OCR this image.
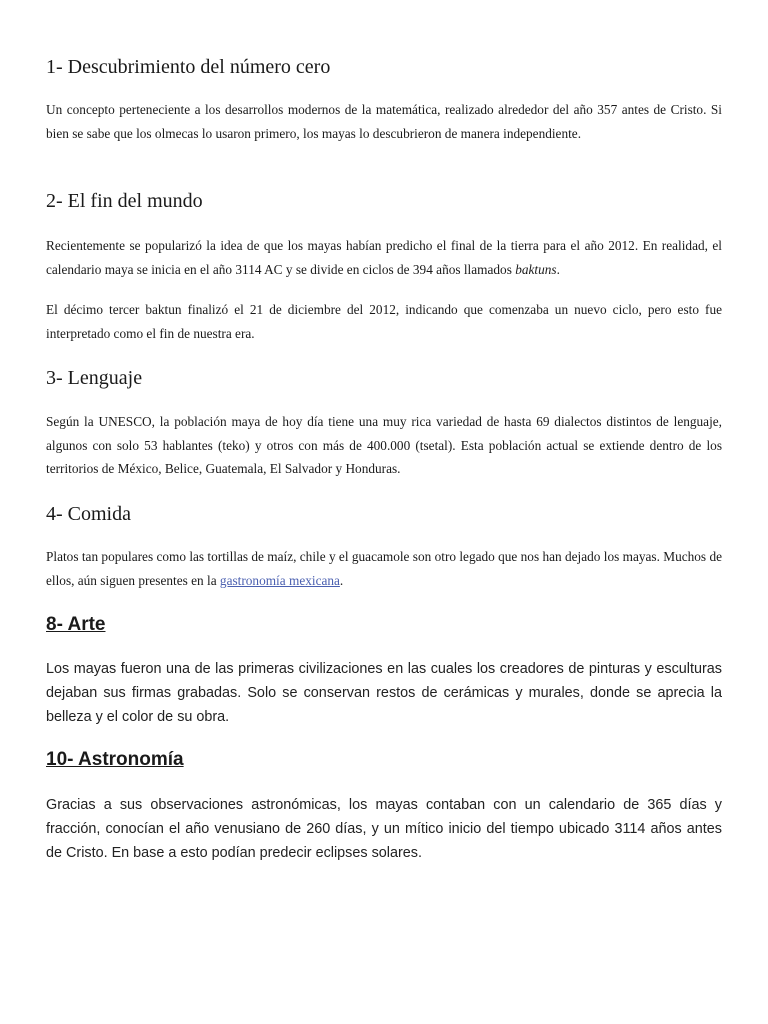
1- Descubrimiento del número cero

Un concepto perteneciente a los desarrollos modernos de la matemática, realizado alrededor del año 357 antes de Cristo. Si bien se sabe que los olmecas lo usaron primero, los mayas lo descubrieron de manera independiente.

2- El fin del mundo

Recientemente se popularizó la idea de que los mayas habían predicho el final de la tierra para el año 2012. En realidad, el calendario maya se inicia en el año 3114 AC y se divide en ciclos de 394 años llamados baktuns.

El décimo tercer baktun finalizó el 21 de diciembre del 2012, indicando que comenzaba un nuevo ciclo, pero esto fue interpretado como el fin de nuestra era.

3- Lenguaje

Según la UNESCO, la población maya de hoy día tiene una muy rica variedad de hasta 69 dialectos distintos de lenguaje, algunos con solo 53 hablantes (teko) y otros con más de 400.000 (tsetal). Esta población actual se extiende dentro de los territorios de México, Belice, Guatemala, El Salvador y Honduras.

4- Comida

Platos tan populares como las tortillas de maíz, chile y el guacamole son otro legado que nos han dejado los mayas. Muchos de ellos, aún siguen presentes en la gastronomía mexicana.

8- Arte

Los mayas fueron una de las primeras civilizaciones en las cuales los creadores de pinturas y esculturas dejaban sus firmas grabadas. Solo se conservan restos de cerámicas y murales, donde se aprecia la belleza y el color de su obra.

10- Astronomía

Gracias a sus observaciones astronómicas, los mayas contaban con un calendario de 365 días y fracción, conocían el año venusiano de 260 días, y un mítico inicio del tiempo ubicado 3114 años antes de Cristo. En base a esto podían predecir eclipses solares.
